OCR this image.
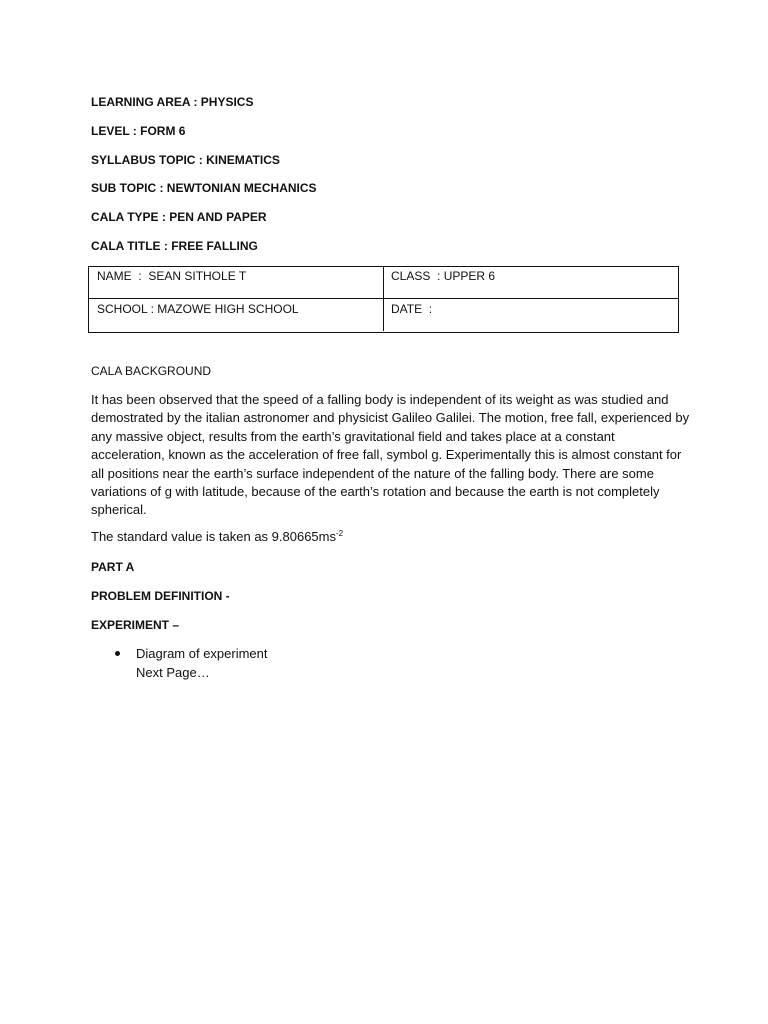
LEARNING AREA : PHYSICS
LEVEL : FORM 6
SYLLABUS TOPIC : KINEMATICS
SUB TOPIC : NEWTONIAN MECHANICS
CALA TYPE : PEN AND PAPER
CALA TITLE : FREE FALLING
NAME  :  SEAN SITHOLE T	CLASS  : UPPER 6
SCHOOL : MAZOWE HIGH SCHOOL	DATE  :
CALA BACKGROUND
It has been observed that the speed of a falling body is independent of its weight as was studied and
demostrated by the italian astronomer and physicist Galileo Galilei. The motion, free fall, experienced by
any massive object, results from the earth’s gravitational field and takes place at a constant
acceleration, known as the acceleration of free fall, symbol g. Experimentally this is almost constant for
all positions near the earth’s surface independent of the nature of the falling body. There are some
variations of g with latitude, because of the earth’s rotation and because the earth is not completely
spherical.
The standard value is taken as $9.80665ms^{-2}$
PART A
PROBLEM DEFINITION -
EXPERIMENT –
Diagram of experiment
Next Page…
